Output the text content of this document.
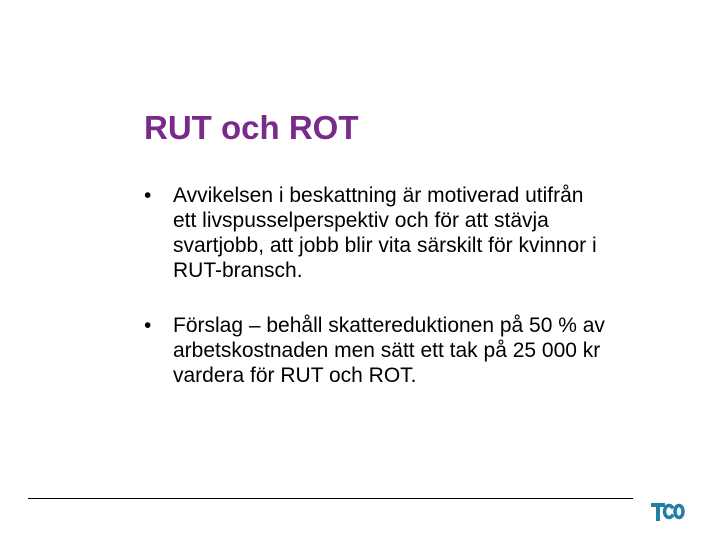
RUT och ROT
• Avvikelsen i beskattning är motiverad utifrån
ett livspusselperspektiv och för att stävja
svartjobb, att jobb blir vita särskilt för kvinnor i
RUT-bransch.
• Förslag – behåll skattereduktionen på 50 % av
arbetskostnaden men sätt ett tak på 25 000 kr
vardera för RUT och ROT.
